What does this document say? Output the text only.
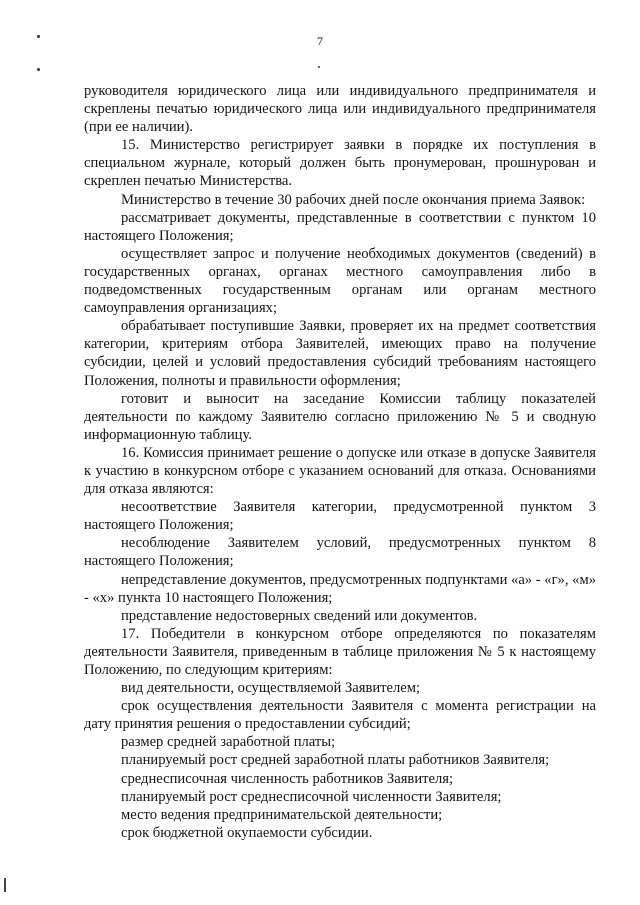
7

руководителя юридического лица или индивидуального предпринимателя и скреплены печатью юридического лица или индивидуального предпринимателя (при ее наличии).

15. Министерство регистрирует заявки в порядке их поступления в специальном журнале, который должен быть пронумерован, прошнурован и скреплен печатью Министерства.

Министерство в течение 30 рабочих дней после окончания приема Заявок:

рассматривает документы, представленные в соответствии с пунктом 10 настоящего Положения;

осуществляет запрос и получение необходимых документов (сведений) в государственных органах, органах местного самоуправления либо в подведомственных государственным органам или органам местного самоуправления организациях;

обрабатывает поступившие Заявки, проверяет их на предмет соответствия категории, критериям отбора Заявителей, имеющих право на получение субсидии, целей и условий предоставления субсидий требованиям настоящего Положения, полноты и правильности оформления;

готовит и выносит на заседание Комиссии таблицу показателей деятельности по каждому Заявителю согласно приложению № 5 и сводную информационную таблицу.

16. Комиссия принимает решение о допуске или отказе в допуске Заявителя к участию в конкурсном отборе с указанием оснований для отказа. Основаниями для отказа являются:

несоответствие Заявителя категории, предусмотренной пунктом 3 настоящего Положения;

несоблюдение Заявителем условий, предусмотренных пунктом 8 настоящего Положения;

непредставление документов, предусмотренных подпунктами «а» - «г», «м» - «х» пункта 10 настоящего Положения;

представление недостоверных сведений или документов.

17. Победители в конкурсном отборе определяются по показателям деятельности Заявителя, приведенным в таблице приложения № 5 к настоящему Положению, по следующим критериям:

вид деятельности, осуществляемой Заявителем;

срок осуществления деятельности Заявителя с момента регистрации на дату принятия решения о предоставлении субсидий;

размер средней заработной платы;

планируемый рост средней заработной платы работников Заявителя;

среднесписочная численность работников Заявителя;

планируемый рост среднесписочной численности Заявителя;

место ведения предпринимательской деятельности;

срок бюджетной окупаемости субсидии.
